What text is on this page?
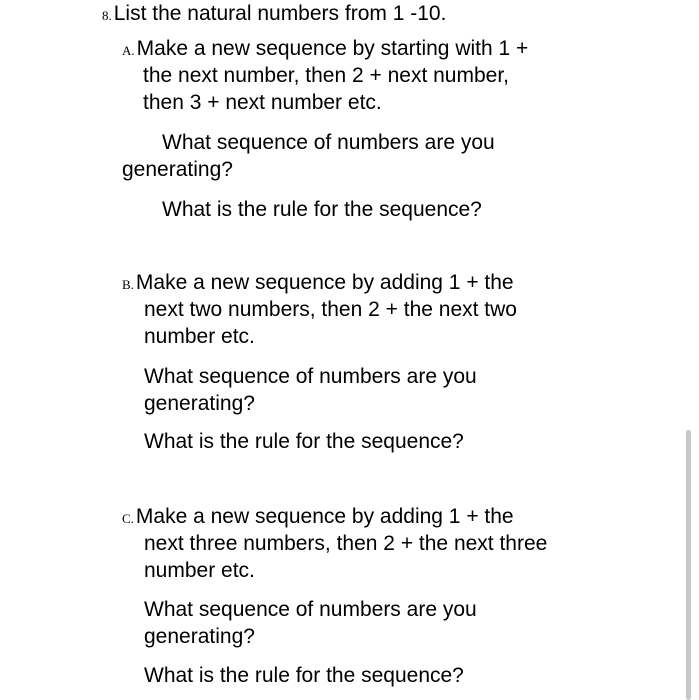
8.List the natural numbers from 1 -10.
A.Make a new sequence by starting with 1 +
the next number, then 2 + next number,
then 3 + next number etc.
What sequence of numbers are you
generating?
What is the rule for the sequence?
B.Make a new sequence by adding 1 + the
next two numbers, then 2 + the next two
number etc.
What sequence of numbers are you
generating?
What is the rule for the sequence?
C.Make a new sequence by adding 1 + the
next three numbers, then 2 + the next three
number etc.
What sequence of numbers are you
generating?
What is the rule for the sequence?
